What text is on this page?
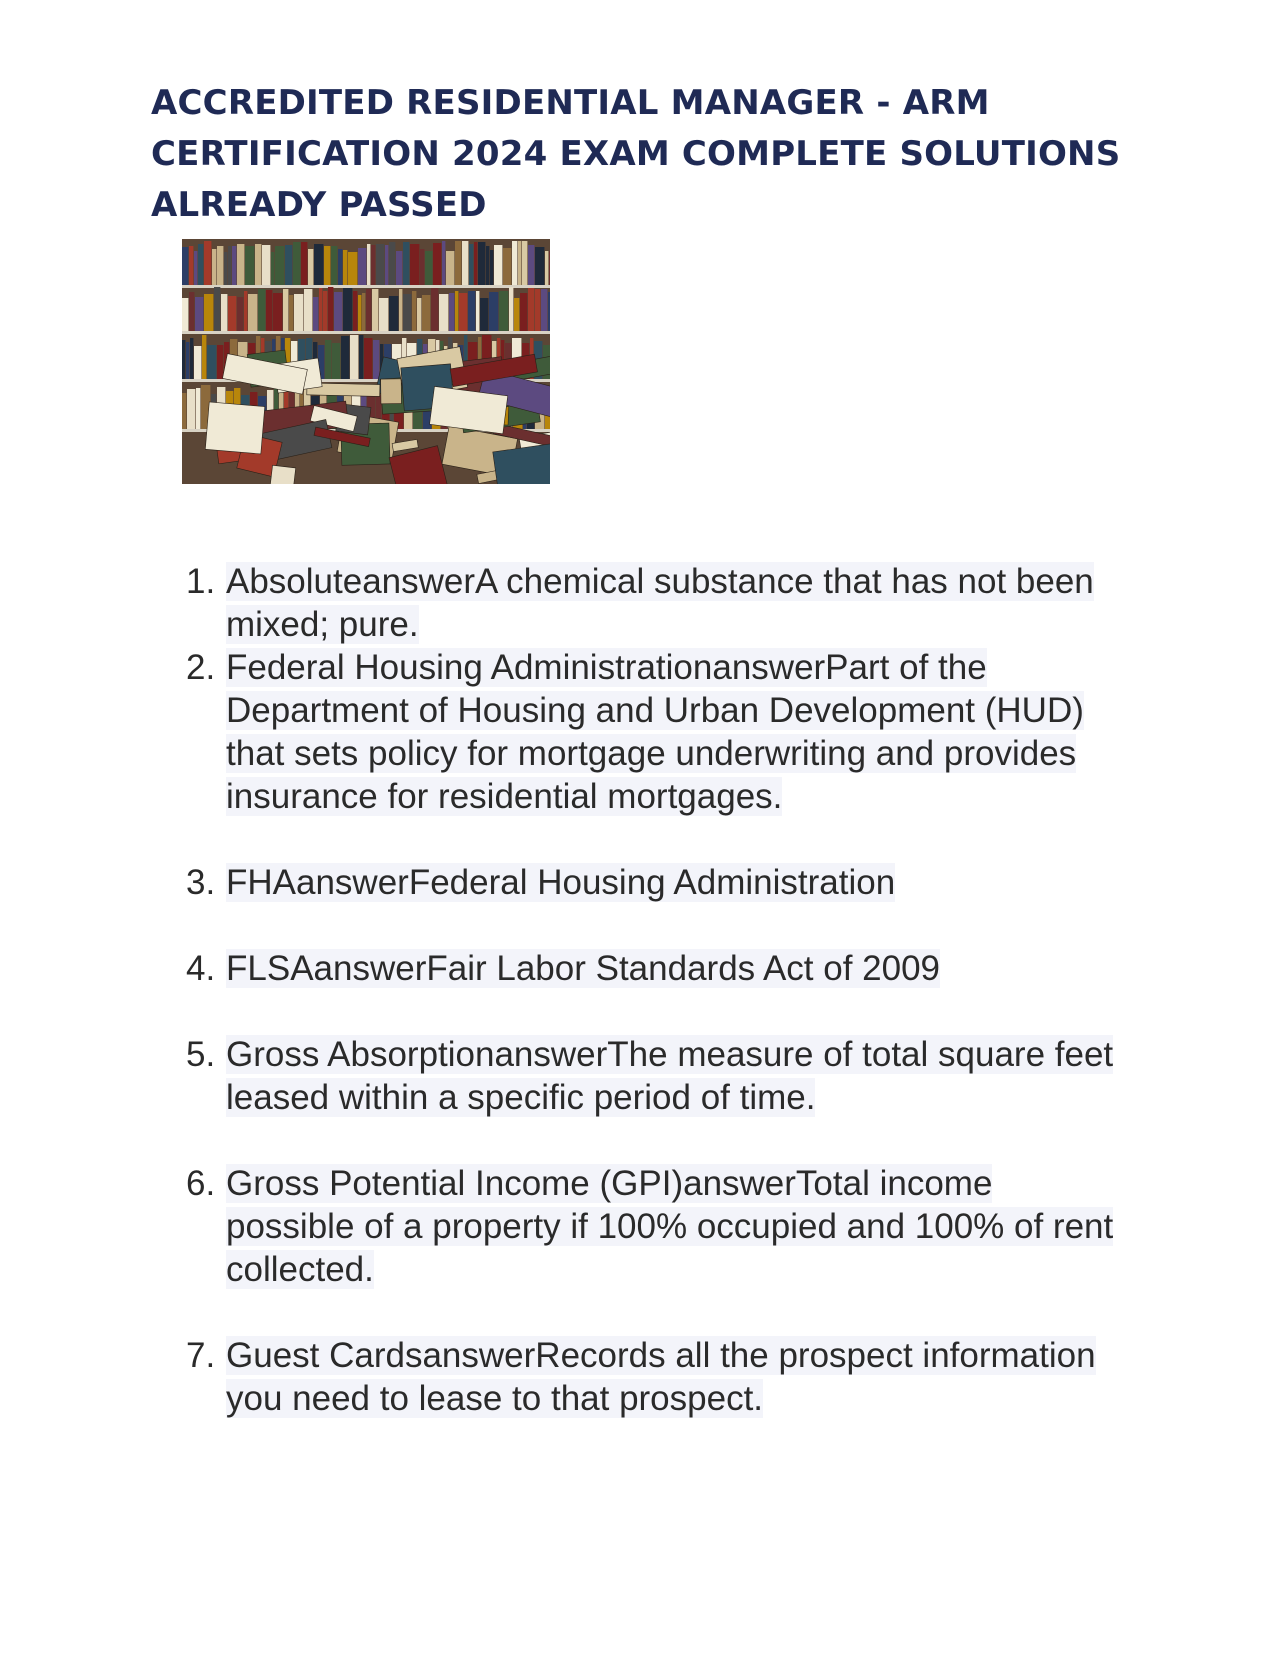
ACCREDITED RESIDENTIAL MANAGER - ARM CERTIFICATION 2024 EXAM COMPLETE SOLUTIONS ALREADY PASSED
1. AbsoluteanswerA chemical substance that has not been mixed; pure.
2. Federal Housing AdministrationanswerPart of the Department of Housing and Urban Development (HUD) that sets policy for mortgage underwriting and provides insurance for residential mortgages.
3. FHAanswerFederal Housing Administration
4. FLSAanswerFair Labor Standards Act of 2009
5. Gross AbsorptionanswerThe measure of total square feet leased within a specific period of time.
6. Gross Potential Income (GPI)answerTotal income possible of a property if 100% occupied and 100% of rent collected.
7. Guest CardsanswerRecords all the prospect information you need to lease to that prospect.
